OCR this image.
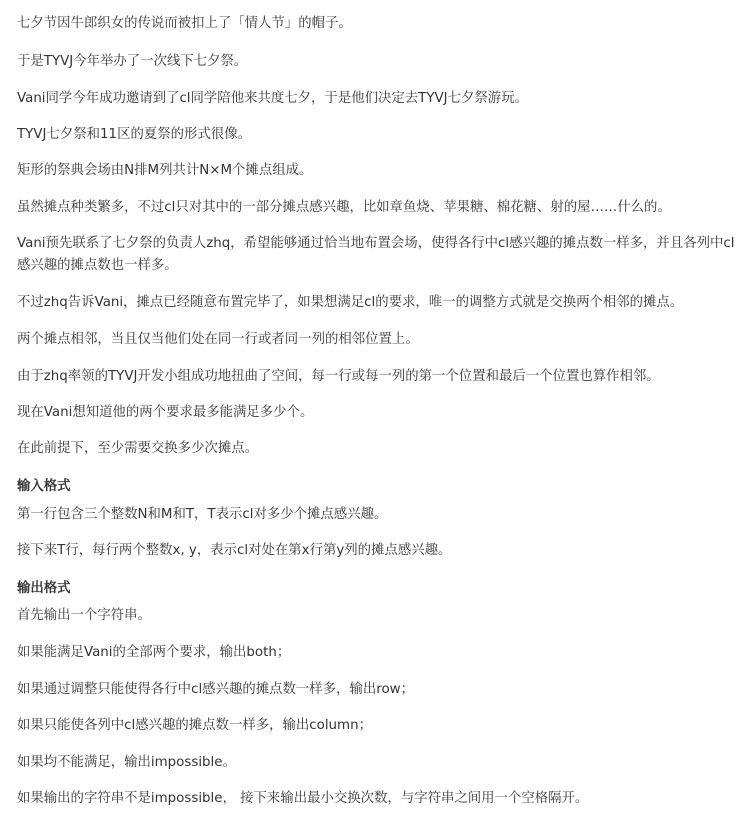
七夕节因牛郎织女的传说而被扣上了「情人节」的帽子。

于是TYVJ今年举办了一次线下七夕祭。

Vani同学今年成功邀请到了cl同学陪他来共度七夕，于是他们决定去TYVJ七夕祭游玩。

TYVJ七夕祭和11区的夏祭的形式很像。

矩形的祭典会场由N排M列共计N×M个摊点组成。

虽然摊点种类繁多，不过cl只对其中的一部分摊点感兴趣，比如章鱼烧、苹果糖、棉花糖、射的屋……什么的。

Vani预先联系了七夕祭的负责人zhq，希望能够通过恰当地布置会场，使得各行中cl感兴趣的摊点数一样多，并且各列中cl感兴趣的摊点数也一样多。

不过zhq告诉Vani，摊点已经随意布置完毕了，如果想满足cl的要求，唯一的调整方式就是交换两个相邻的摊点。

两个摊点相邻，当且仅当他们处在同一行或者同一列的相邻位置上。

由于zhq率领的TYVJ开发小组成功地扭曲了空间，每一行或每一列的第一个位置和最后一个位置也算作相邻。

现在Vani想知道他的两个要求最多能满足多少个。

在此前提下，至少需要交换多少次摊点。

输入格式

第一行包含三个整数N和M和T，T表示cl对多少个摊点感兴趣。

接下来T行，每行两个整数x, y，表示cl对处在第x行第y列的摊点感兴趣。

输出格式

首先输出一个字符串。

如果能满足Vani的全部两个要求，输出both；

如果通过调整只能使得各行中cl感兴趣的摊点数一样多，输出row；

如果只能使各列中cl感兴趣的摊点数一样多，输出column；

如果均不能满足，输出impossible。

如果输出的字符串不是impossible， 接下来输出最小交换次数，与字符串之间用一个空格隔开。
